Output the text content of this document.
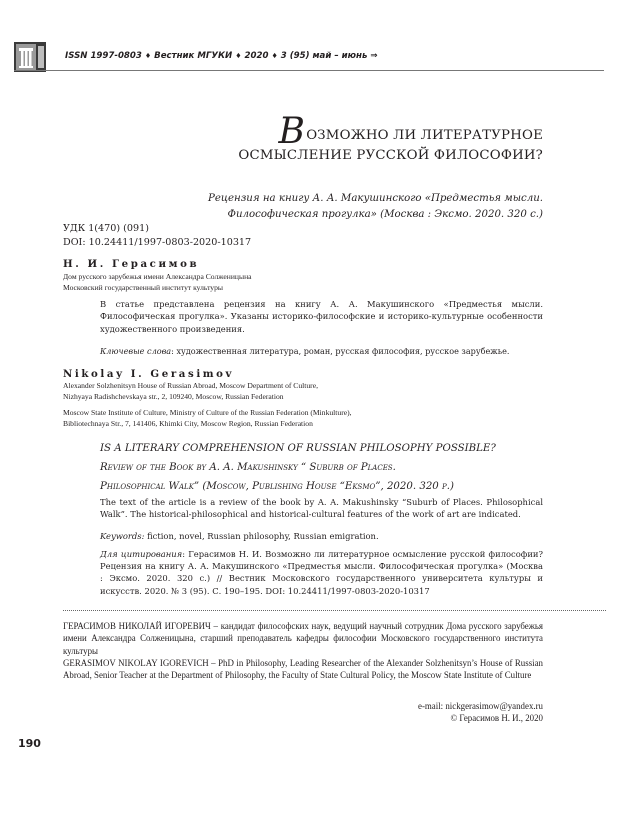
ISSN 1997-0803 ♦ Вестник МГУКИ ♦ 2020 ♦ 3 (95) май – июнь ⇒
ВОЗМОЖНО ЛИ ЛИТЕРАТУРНОЕ
ОСМЫСЛЕНИЕ РУССКОЙ ФИЛОСОФИИ?
Рецензия на книгу А. А. Макушинского «Предместья мысли.
Философическая прогулка» (Москва : Эксмо. 2020. 320 с.)
УДК 1(470) (091)
DOI: 10.24411/1997-0803-2020-10317
Н. И. Герасимов
Дом русского зарубежья имени Александра Солженицына
Московский государственный институт культуры
В статье представлена рецензия на книгу А. А. Макушинского «Предместья мысли. Философическая прогулка». Указаны историко-философские и историко-культурные особенности художественного произведения.
Ключевые слова: художественная литература, роман, русская философия, русское зарубежье.
Nikolay I. Gerasimov
Alexander Solzhenitsyn House of Russian Abroad, Moscow Department of Culture,
Nizhyaya Radishchevskaya str., 2, 109240, Moscow, Russian Federation
Moscow State Institute of Culture, Ministry of Culture of the Russian Federation (Minkulture),
Bibliotechnaya Str., 7, 141406, Khimki City, Moscow Region, Russian Federation
IS A LITERARY COMPREHENSION OF RUSSIAN PHILOSOPHY POSSIBLE?
Review of the Book by A. A. Makushinsky “ Suburb of Places.
Philosophical Walk” (Moscow, Publishing House “Eksmo”, 2020. 320 p.)
The text of the article is a review of the book by A. A. Makushinsky “Suburb of Places. Philosophical Walk”. The historical-philosophical and historical-cultural features of the work of art are indicated.
Keywords: fiction, novel, Russian philosophy, Russian emigration.
Для цитирования: Герасимов Н. И. Возможно ли литературное осмысление русской философии? Рецензия на книгу А. А. Макушинского «Предместья мысли. Философическая прогулка» (Москва : Эксмо. 2020. 320 с.) // Вестник Московского государственного университета культуры и искусств. 2020. № 3 (95). С. 190–195. DOI: 10.24411/1997-0803-2020-10317
ГЕРАСИМОВ НИКОЛАЙ ИГОРЕВИЧ – кандидат философских наук, ведущий научный сотрудник Дома русского зарубежья имени Александра Солженицына, старший преподаватель кафедры философии Московского государственного института культуры
GERASIMOV NIKOLAY IGOREVICH – PhD in Philosophy, Leading Researcher of the Alexander Solzhenitsyn’s House of Russian Abroad, Senior Teacher at the Department of Philosophy, the Faculty of State Cultural Policy, the Moscow State Institute of Culture
e-mail: nickgerasimow@yandex.ru
© Герасимов Н. И., 2020
190
